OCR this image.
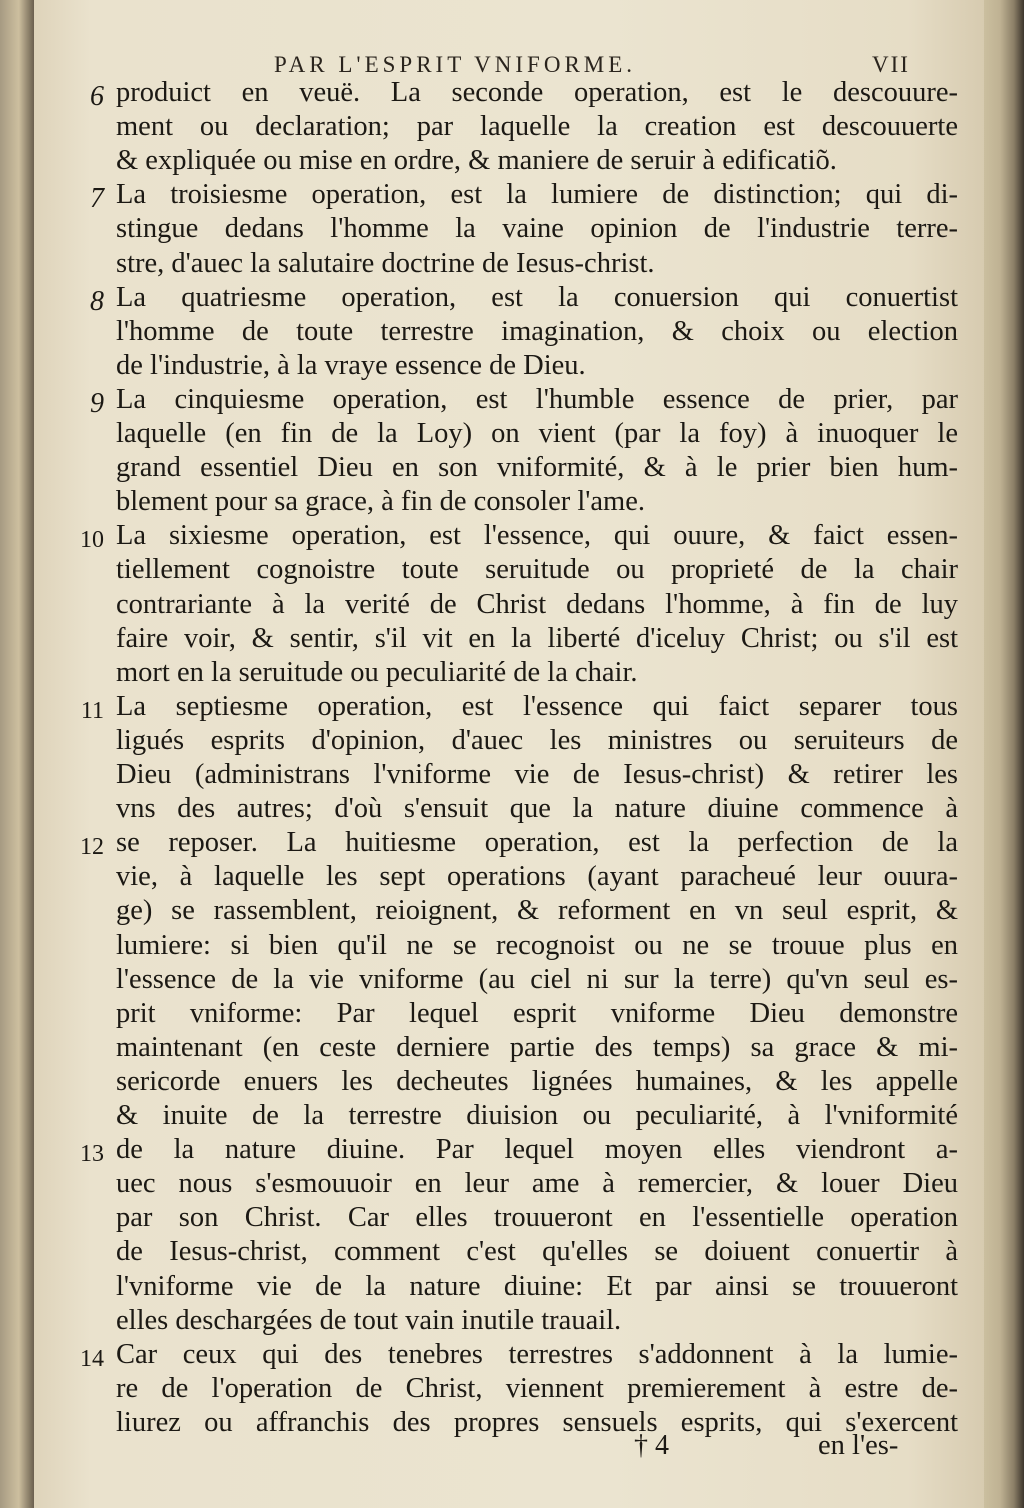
PAR L'ESPRIT VNIFORME.	VII
6 produict en veuë. La seconde operation, est le descouure-
ment ou declaration; par laquelle la creation est descouuerte
& expliquée ou mise en ordre, & maniere de seruir à edificatiõ.
7 La troisiesme operation, est la lumiere de distinction; qui di-
stingue dedans l'homme la vaine opinion de l'industrie terre-
stre, d'auec la salutaire doctrine de Iesus-christ.
8 La quatriesme operation, est la conuersion qui conuertist
l'homme de toute terrestre imagination, & choix ou election
de l'industrie, à la vraye essence de Dieu.
9 La cinquiesme operation, est l'humble essence de prier, par
laquelle (en fin de la Loy) on vient (par la foy) à inuoquer le
grand essentiel Dieu en son vniformité, & à le prier bien hum-
blement pour sa grace, à fin de consoler l'ame.
10 La sixiesme operation, est l'essence, qui ouure, & faict essen-
tiellement cognoistre toute seruitude ou proprieté de la chair
contrariante à la verité de Christ dedans l'homme, à fin de luy
faire voir, & sentir, s'il vit en la liberté d'iceluy Christ; ou s'il est
mort en la seruitude ou peculiarité de la chair.
11 La septiesme operation, est l'essence qui faict separer tous
ligués esprits d'opinion, d'auec les ministres ou seruiteurs de
Dieu (administrans l'vniforme vie de Iesus-christ) & retirer les
vns des autres; d'où s'ensuit que la nature diuine commence à
12 se reposer. La huitiesme operation, est la perfection de la
vie, à laquelle les sept operations (ayant paracheué leur ouura-
ge) se rassemblent, reioignent, & reforment en vn seul esprit, &
lumiere: si bien qu'il ne se recognoist ou ne se trouue plus en
l'essence de la vie vniforme (au ciel ni sur la terre) qu'vn seul es-
prit vniforme: Par lequel esprit vniforme Dieu demonstre
maintenant (en ceste derniere partie des temps) sa grace & mi-
sericorde enuers les decheutes lignées humaines, & les appelle
& inuite de la terrestre diuision ou peculiarité, à l'vniformité
13 de la nature diuine. Par lequel moyen elles viendront a-
uec nous s'esmouuoir en leur ame à remercier, & louer Dieu
par son Christ. Car elles trouueront en l'essentielle operation
de Iesus-christ, comment c'est qu'elles se doiuent conuertir à
l'vniforme vie de la nature diuine: Et par ainsi se trouueront
elles deschargées de tout vain inutile trauail.
14 Car ceux qui des tenebres terrestres s'addonnent à la lumie-
re de l'operation de Christ, viennent premierement à estre de-
liurez ou affranchis des propres sensuels esprits, qui s'exercent
† 4	en l'es-
